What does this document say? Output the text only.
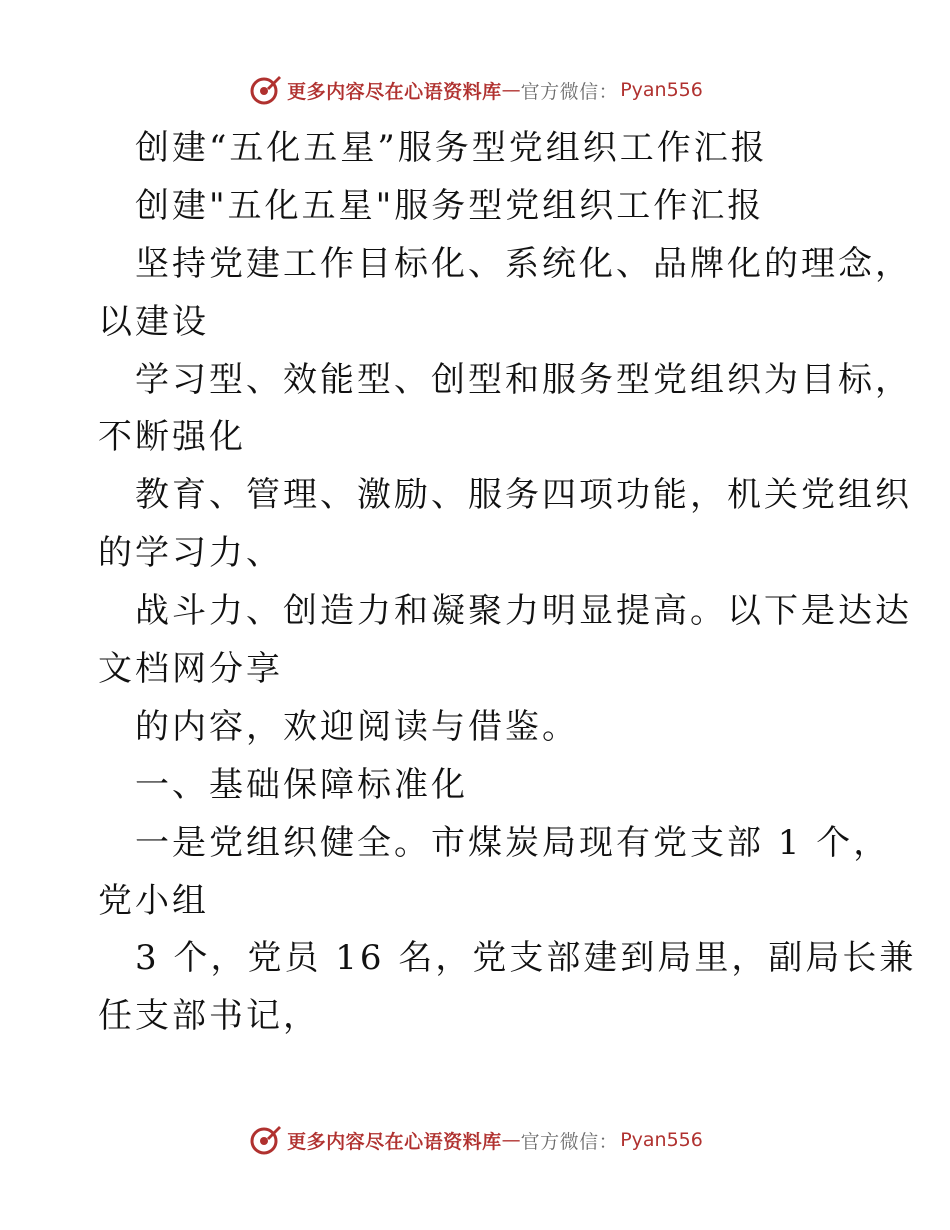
更多内容尽在心语资料库 — 官方微信： Pyan556
创建“五化五星”服务型党组织工作汇报
创建"五化五星"服务型党组织工作汇报
坚持党建工作目标化、系统化、品牌化的理念，
以建设
学习型、效能型、创型和服务型党组织为目标，
不断强化
教育、管理、激励、服务四项功能，机关党组织
的学习力、
战斗力、创造力和凝聚力明显提高。以下是达达
文档网分享
的内容，欢迎阅读与借鉴。
一、基础保障标准化
一是党组织健全。市煤炭局现有党支部 1 个，
党小组
3 个，党员 16 名，党支部建到局里，副局长兼
任支部书记，
更多内容尽在心语资料库 — 官方微信： Pyan556
